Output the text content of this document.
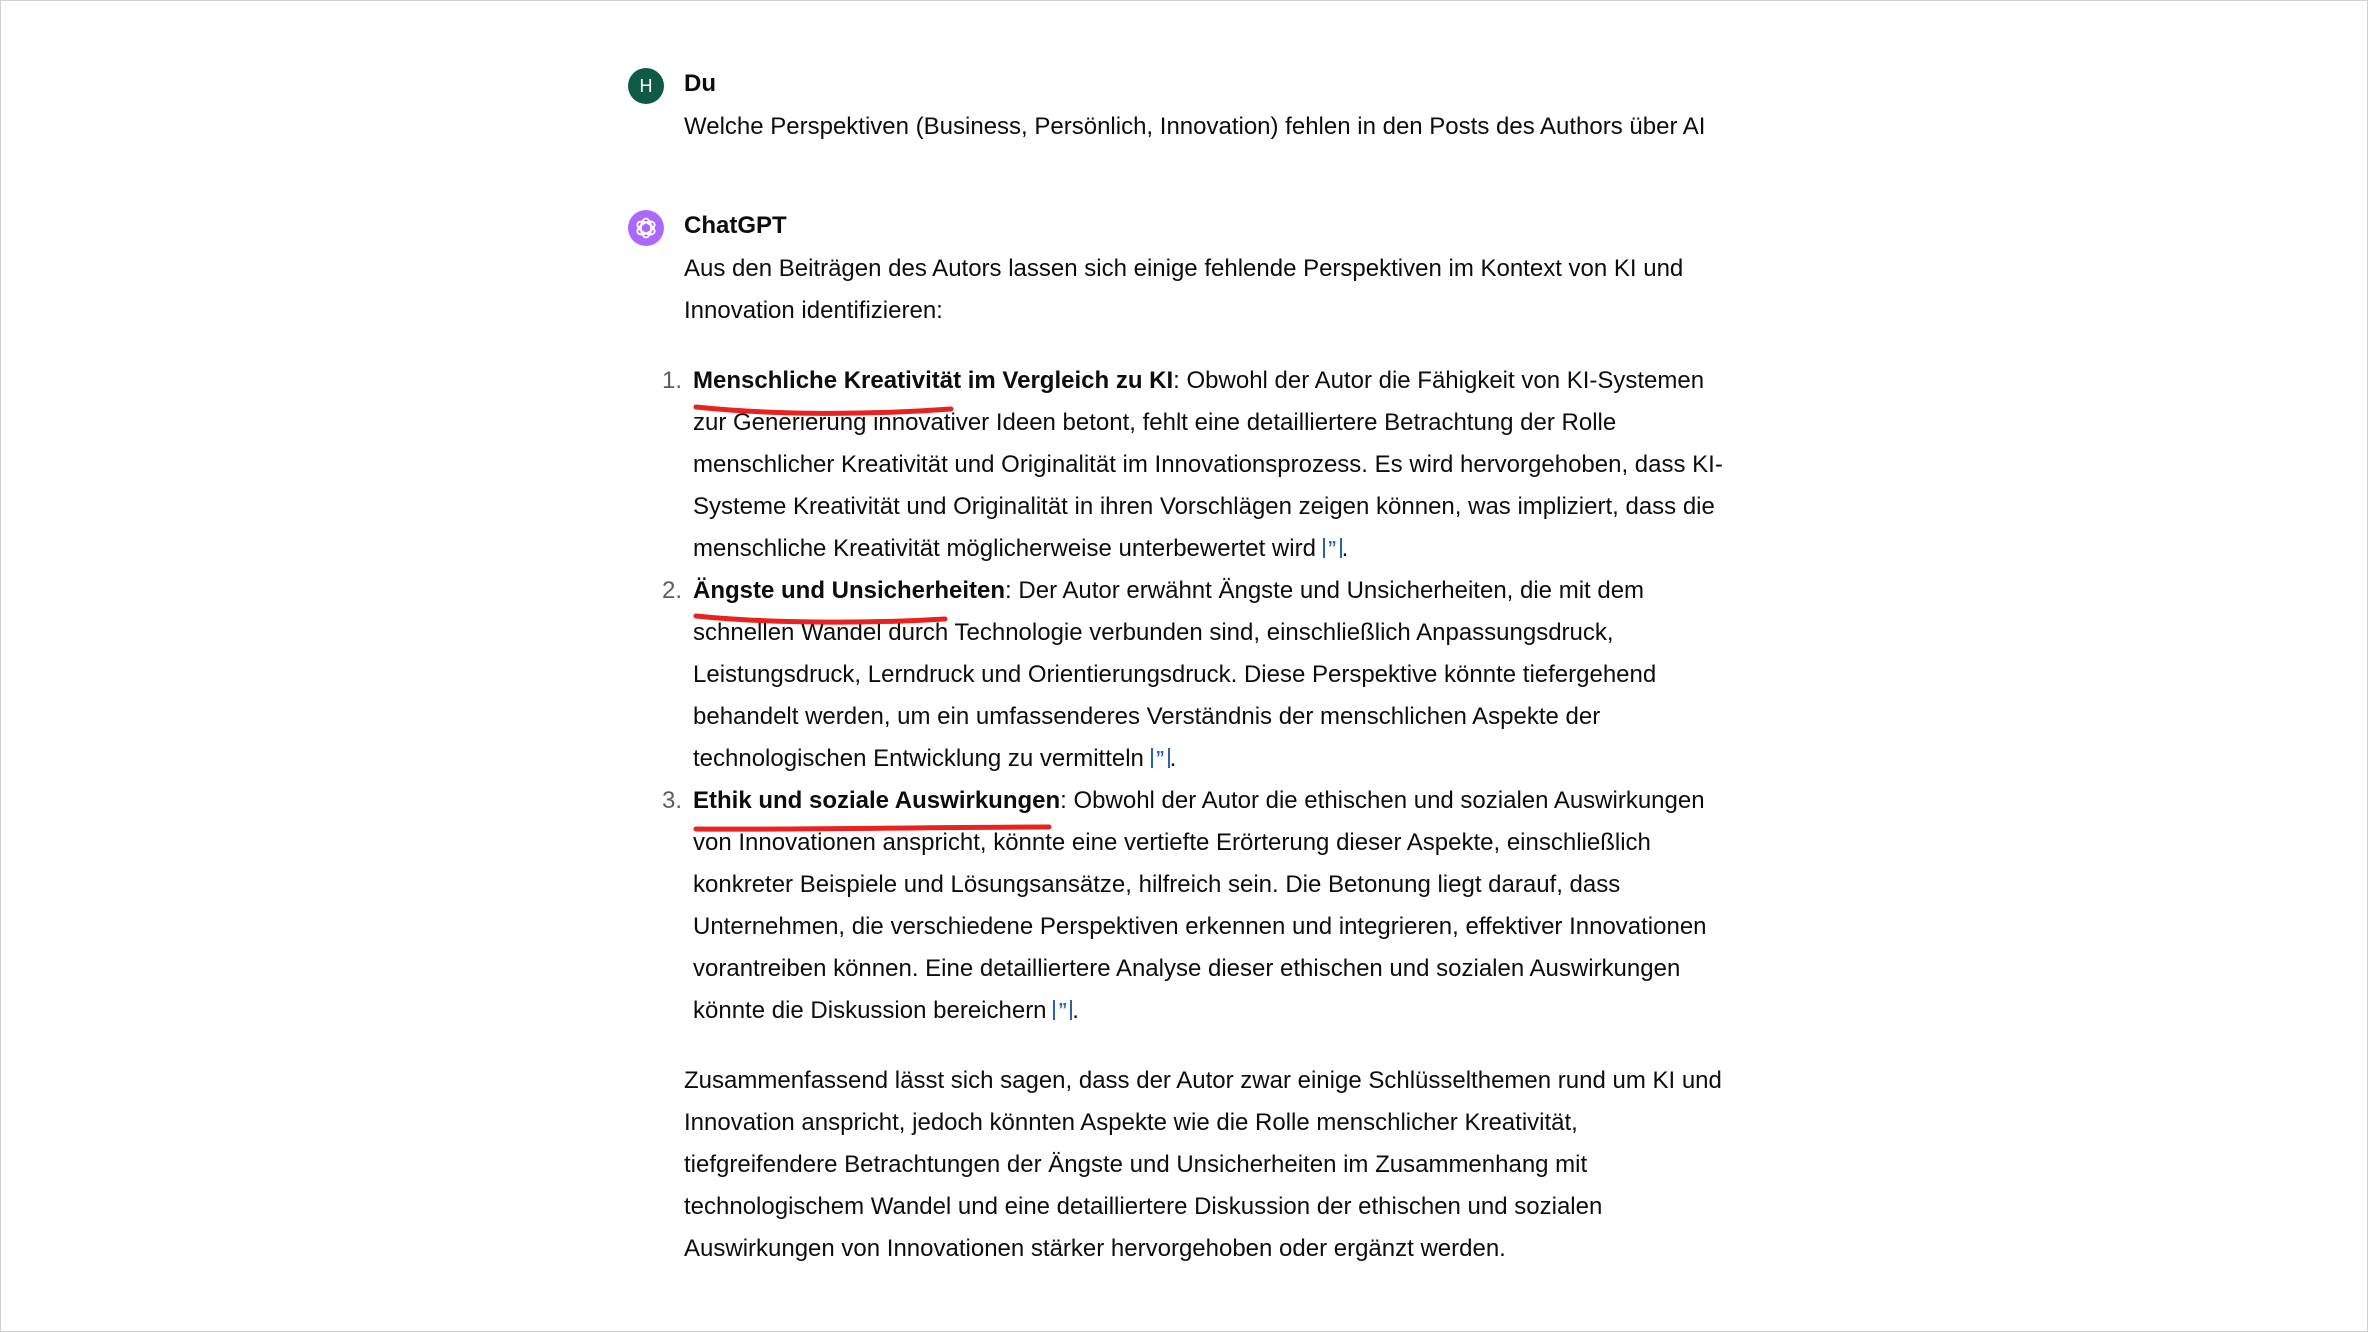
H	Du
Welche Perspektiven (Business, Persönlich, Innovation) fehlen in den Posts des Authors über AI
ChatGPT

Aus den Beiträgen des Autors lassen sich einige fehlende Perspektiven im Kontext von KI und Innovation identifizieren:

1. Menschliche Kreativität im Vergleich zu KI
: Obwohl der Autor die Fähigkeit von KI-Systemen zur Generierung innovativer Ideen betont, fehlt eine detailliertere Betrachtung der Rolle menschlicher Kreativität und Originalität im Innovationsprozess. Es wird hervorgehoben, dass KI-Systeme Kreativität und Originalität in ihren Vorschlägen zeigen können, was impliziert, dass die menschliche Kreativität möglicherweise unterbewertet wird ” .
2. Ängste und Unsicherheiten
: Der Autor erwähnt Ängste und Unsicherheiten, die mit dem schnellen Wandel durch Technologie verbunden sind, einschließlich Anpassungsdruck, Leistungsdruck, Lerndruck und Orientierungsdruck. Diese Perspektive könnte tiefergehend behandelt werden, um ein umfassenderes Verständnis der menschlichen Aspekte der technologischen Entwicklung zu vermitteln ” .
3. Ethik und soziale Auswirkungen
: Obwohl der Autor die ethischen und sozialen Auswirkungen von Innovationen anspricht, könnte eine vertiefte Erörterung dieser Aspekte, einschließlich konkreter Beispiele und Lösungsansätze, hilfreich sein. Die Betonung liegt darauf, dass Unternehmen, die verschiedene Perspektiven erkennen und integrieren, effektiver Innovationen vorantreiben können. Eine detailliertere Analyse dieser ethischen und sozialen Auswirkungen könnte die Diskussion bereichern ” .

Zusammenfassend lässt sich sagen, dass der Autor zwar einige Schlüsselthemen rund um KI und Innovation anspricht, jedoch könnten Aspekte wie die Rolle menschlicher Kreativität, tiefgreifendere Betrachtungen der Ängste und Unsicherheiten im Zusammenhang mit technologischem Wandel und eine detailliertere Diskussion der ethischen und sozialen Auswirkungen von Innovationen stärker hervorgehoben oder ergänzt werden.
